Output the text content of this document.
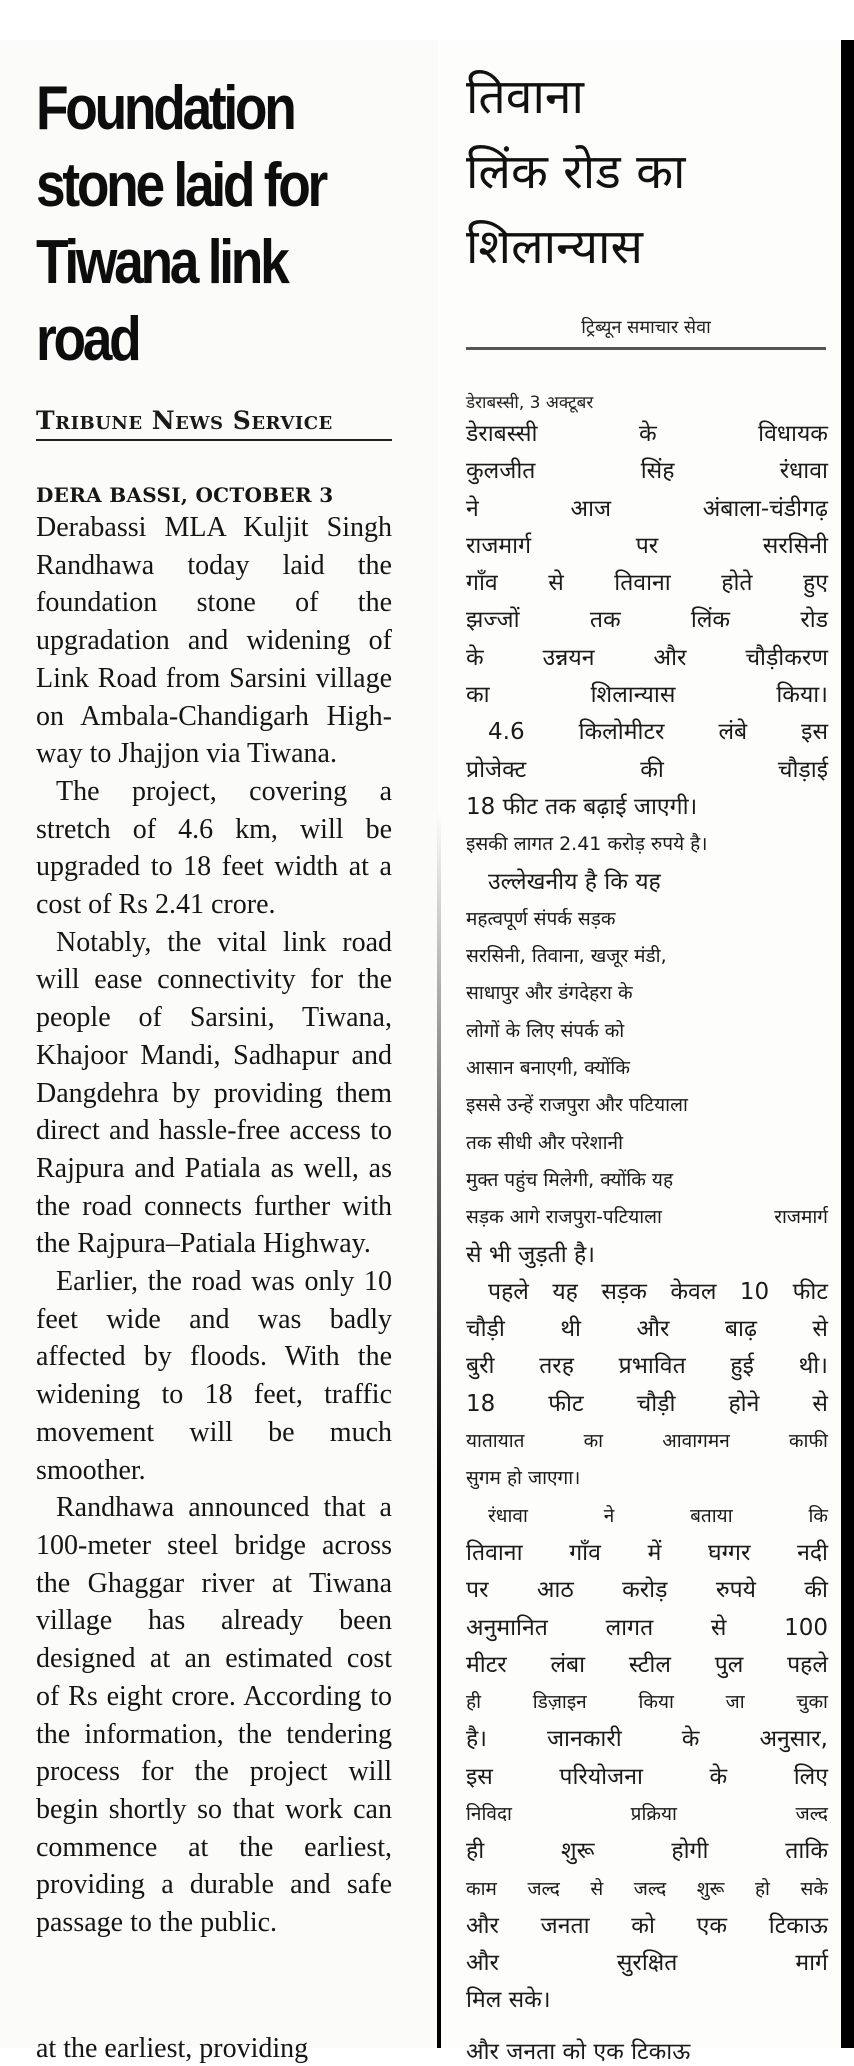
Foundation
stone laid for
Tiwana link road
Tribune News Service
DERA BASSI, OCTOBER 3

Derabassi MLA Kuljit Singh Randhawa today laid the foundation stone of the upgradation and widening of Link Road from Sarsini village on Ambala-Chandigarh Highway to Jhajjon via Tiwana.

The project, covering a stretch of 4.6 km, will be upgraded to 18 feet width at a cost of Rs 2.41 crore.

Notably, the vital link road will ease connectivity for the people of Sarsini, Tiwana, Khajoor Mandi, Sadhapur and Dangdehra by providing them direct and hassle-free access to Rajpura and Patiala as well, as the road connects further with the Rajpura–Patiala Highway.

Earlier, the road was only 10 feet wide and was badly affected by floods. With the widening to 18 feet, traffic movement will be much smoother.

Randhawa announced that a 100-meter steel bridge across the Ghaggar river at Tiwana village has already been designed at an estimated cost of Rs eight crore. According to the information, the tendering process for the project will begin shortly so that work can commence at the earliest, providing a durable and safe passage to the public.

at the earliest, providing
तिवाना
लिंक रोड का
शिलान्यास
ट्रिब्यून समाचार सेवा
डेराबस्सी, 3 अक्टूबर
डेराबस्सी	के	विधायक
कुलजीत	सिंह	रंधावा
ने	आज	अंबाला-चंडीगढ़
राजमार्ग	पर	सरसिनी
गाँव से तिवाना होते हुए
झज्जों	तक	लिंक	रोड
के	उन्नयन	और	चौड़ीकरण
का	शिलान्यास	किया।
4.6 किलोमीटर लंबे इस
प्रोजेक्ट	की	चौड़ाई
18 फीट तक बढ़ाई जाएगी।
इसकी लागत 2.41 करोड़ रुपये है।
उल्लेखनीय है कि यह
महत्वपूर्ण संपर्क सड़क
सरसिनी, तिवाना, खजूर मंडी,
साधापुर और डंगदेहरा के
लोगों के लिए संपर्क को
आसान बनाएगी, क्योंकि
इससे उन्हें राजपुरा और पटियाला
तक सीधी और परेशानी
मुक्त पहुंच मिलेगी, क्योंकि यह
सड़क आगे राजपुरा-पटियाला	राजमार्ग
से भी जुड़ती है।
पहले यह सड़क केवल 10 फीट
चौड़ी थी और बाढ़ से
बुरी तरह प्रभावित हुई थी।
18 फीट चौड़ी होने से
यातायात	का	आवागमन	काफी
सुगम हो जाएगा।
रंधावा	ने	बताया	कि
तिवाना गाँव में घग्गर नदी
पर आठ करोड़ रुपये की
अनुमानित	लागत	से	100
मीटर लंबा स्टील पुल पहले
ही	डिज़ाइन	किया	जा	चुका
है।	जानकारी	के	अनुसार,
इस	परियोजना	के	लिए
निविदा	प्रक्रिया	जल्द
ही	शुरू	होगी	ताकि
काम जल्द से जल्द शुरू हो सके
और जनता को एक टिकाऊ
और	सुरक्षित	मार्ग
मिल सके।
और जनता को एक टिकाऊ
